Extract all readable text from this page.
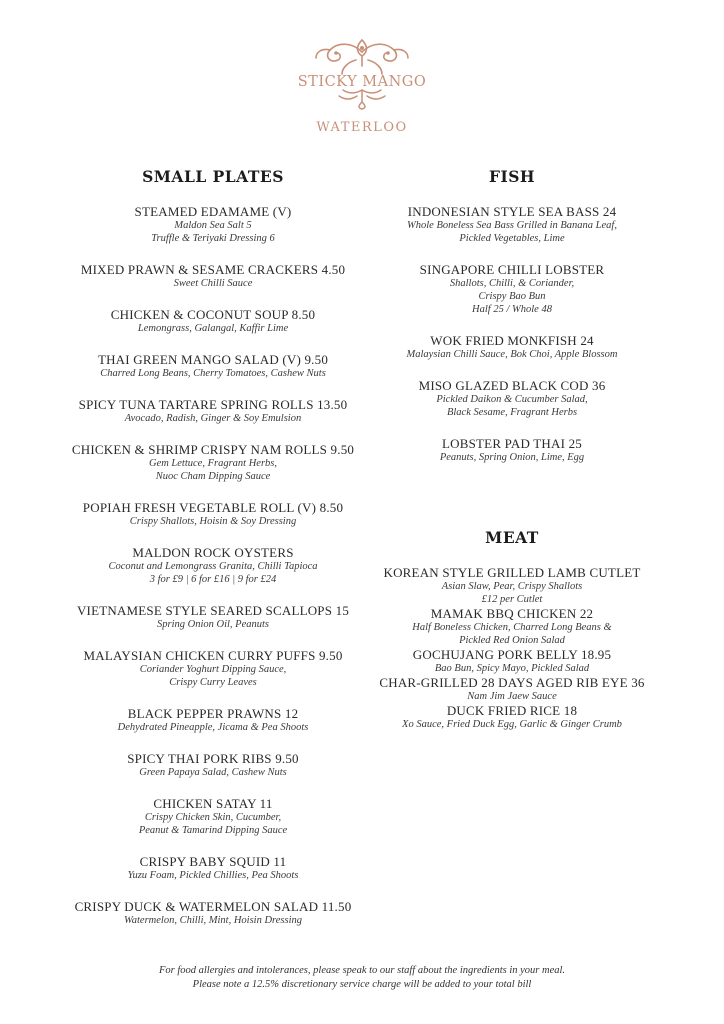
STICKY MANGO
WATERLOO
SMALL PLATES
STEAMED EDAMAME (V)
Maldon Sea Salt 5
Truffle & Teriyaki Dressing 6
MIXED PRAWN & SESAME CRACKERS 4.50
Sweet Chilli Sauce
CHICKEN & COCONUT SOUP 8.50
Lemongrass, Galangal, Kaffir Lime
THAI GREEN MANGO SALAD (V) 9.50
Charred Long Beans, Cherry Tomatoes, Cashew Nuts
SPICY TUNA TARTARE SPRING ROLLS 13.50
Avocado, Radish, Ginger & Soy Emulsion
CHICKEN & SHRIMP CRISPY NAM ROLLS 9.50
Gem Lettuce, Fragrant Herbs,
Nuoc Cham Dipping Sauce
POPIAH FRESH VEGETABLE ROLL (V) 8.50
Crispy Shallots, Hoisin & Soy Dressing
MALDON ROCK OYSTERS
Coconut and Lemongrass Granita, Chilli Tapioca
3 for £9 | 6 for £16 | 9 for £24
VIETNAMESE STYLE SEARED SCALLOPS 15
Spring Onion Oil, Peanuts
MALAYSIAN CHICKEN CURRY PUFFS 9.50
Coriander Yoghurt Dipping Sauce,
Crispy Curry Leaves
BLACK PEPPER PRAWNS 12
Dehydrated Pineapple, Jicama & Pea Shoots
SPICY THAI PORK RIBS 9.50
Green Papaya Salad, Cashew Nuts
CHICKEN SATAY 11
Crispy Chicken Skin, Cucumber,
Peanut & Tamarind Dipping Sauce
CRISPY BABY SQUID 11
Yuzu Foam, Pickled Chillies, Pea Shoots
CRISPY DUCK & WATERMELON SALAD 11.50
Watermelon, Chilli, Mint, Hoisin Dressing
FISH
INDONESIAN STYLE SEA BASS 24
Whole Boneless Sea Bass Grilled in Banana Leaf,
Pickled Vegetables, Lime
SINGAPORE CHILLI LOBSTER
Shallots, Chilli, & Coriander,
Crispy Bao Bun
Half 25 / Whole 48
WOK FRIED MONKFISH 24
Malaysian Chilli Sauce, Bok Choi, Apple Blossom
MISO GLAZED BLACK COD 36
Pickled Daikon & Cucumber Salad,
Black Sesame, Fragrant Herbs
LOBSTER PAD THAI 25
Peanuts, Spring Onion, Lime, Egg
MEAT
KOREAN STYLE GRILLED LAMB CUTLET
Asian Slaw, Pear, Crispy Shallots
£12 per Cutlet
MAMAK BBQ CHICKEN 22
Half Boneless Chicken, Charred Long Beans &
Pickled Red Onion Salad
GOCHUJANG PORK BELLY 18.95
Bao Bun, Spicy Mayo, Pickled Salad
CHAR-GRILLED 28 DAYS AGED RIB EYE 36
Nam Jim Jaew Sauce
DUCK FRIED RICE 18
Xo Sauce, Fried Duck Egg, Garlic & Ginger Crumb
For food allergies and intolerances, please speak to our staff about the ingredients in your meal.
Please note a 12.5% discretionary service charge will be added to your total bill
